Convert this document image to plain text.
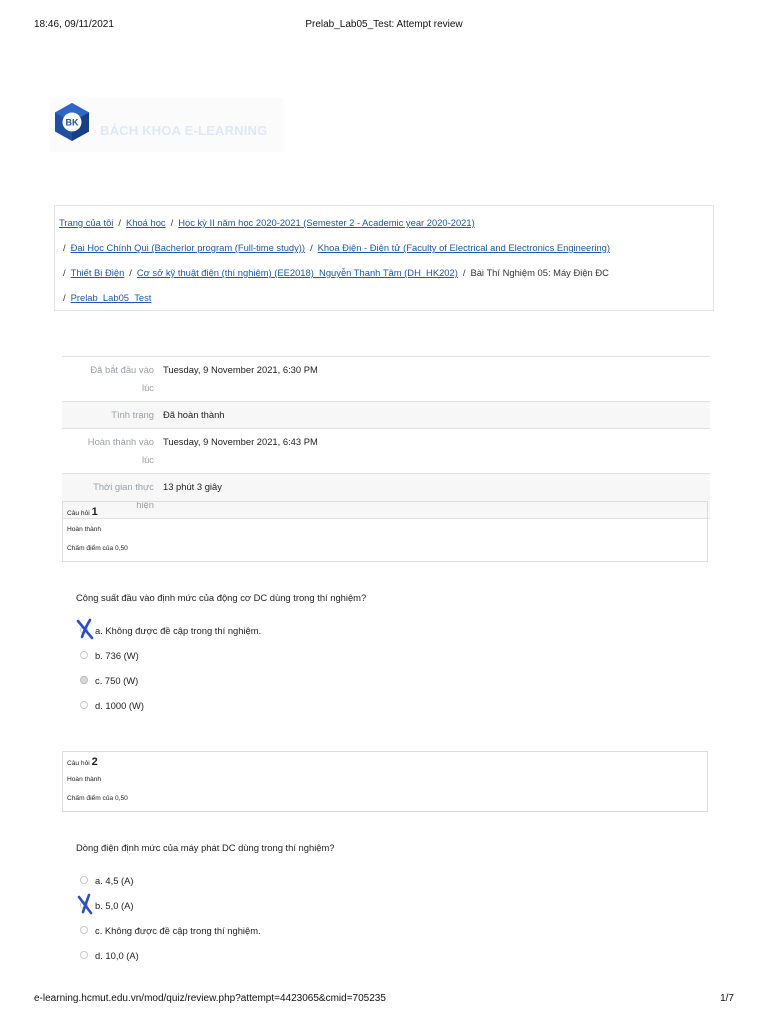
18:46, 09/11/2021	Prelab_Lab05_Test: Attempt review
BK
BÁCH KHOA E-LEARNING
Trang của tôi / Khoá học / Học kỳ II năm học 2020-2021 (Semester 2 - Academic year 2020-2021)
/ Đại Học Chính Qui (Bacherlor program (Full-time study)) / Khoa Điện - Điện tử (Faculty of Electrical and Electronics Engineering)
/ Thiết Bị Điện / Cơ sở kỹ thuật điện (thí nghiệm) (EE2018)_Nguyễn Thanh Tâm (DH_HK202) / Bài Thí Nghiệm 05: Máy Điện ĐC
/ Prelab_Lab05_Test
Đã bắt đầu vào
lúc	Tuesday, 9 November 2021, 6:30 PM
Tình trạng	Đã hoàn thành
Hoàn thành vào
lúc	Tuesday, 9 November 2021, 6:43 PM
Thời gian thực
hiện	13 phút 3 giây
Câu hỏi 1
Hoàn thành
Chấm điểm của 0,50
Công suất đầu vào định mức của động cơ DC dùng trong thí nghiệm?
a. Không được đề cập trong thí nghiệm.
b. 736 (W)
c. 750 (W)
d. 1000 (W)
Câu hỏi 2
Hoàn thành
Chấm điểm của 0,50
Dòng điện định mức của máy phát DC dùng trong thí nghiệm?
a. 4,5 (A)
b. 5,0 (A)
c. Không được đề cập trong thí nghiệm.
d. 10,0 (A)
e-learning.hcmut.edu.vn/mod/quiz/review.php?attempt=4423065&cmid=705235	1/7
